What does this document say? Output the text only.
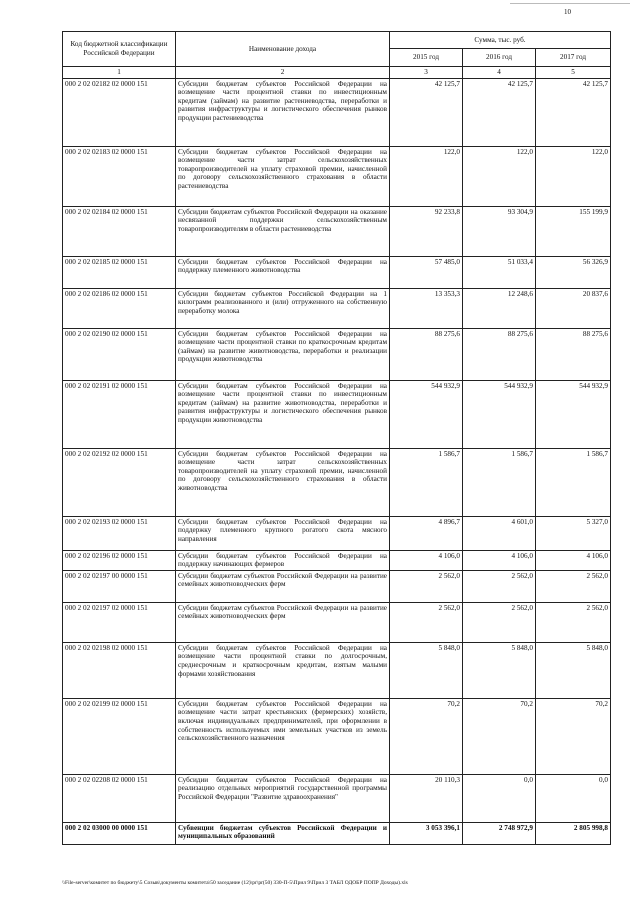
10
Код бюджетной классификации Российской Федерации	Наименование дохода	Сумма, тыс. руб.		
		2015 год	2016 год	2017 год
1	2	3	4	5
000 2 02 02182 02 0000 151	Субсидии бюджетам субъектов Российской Федерации на возмещение части процентной ставки по инвестиционным кредитам (займам) на развитие растениеводства, переработки и развития инфраструктуры и логистического обеспечения рынков продукции растениеводства	42 125,7	42 125,7	42 125,7
000 2 02 02183 02 0000 151	Субсидии бюджетам субъектов Российской Федерации на возмещение части затрат сельскохозяйственных товаропроизводителей на уплату страховой премии, начисленной по договору сельскохозяйственного страхования в области растениеводства	122,0	122,0	122,0
000 2 02 02184 02 0000 151	Субсидии бюджетам субъектов Российской Федерации на оказание несвязанной поддержки сельскохозяйственным товаропроизводителям в области растениеводства	92 233,8	93 304,9	155 199,9
000 2 02 02185 02 0000 151	Субсидии бюджетам субъектов Российской Федерации на поддержку племенного животноводства	57 485,0	51 033,4	56 326,9
000 2 02 02186 02 0000 151	Субсидии бюджетам субъектов Российской Федерации на 1 килограмм реализованного и (или) отгруженного на собственную переработку молока	13 353,3	12 248,6	20 837,6
000 2 02 02190 02 0000 151	Субсидии бюджетам субъектов Российской Федерации на возмещение части процентной ставки по краткосрочным кредитам (займам) на развитие животноводства, переработки и реализации продукции животноводства	88 275,6	88 275,6	88 275,6
000 2 02 02191 02 0000 151	Субсидии бюджетам субъектов Российской Федерации на возмещение части процентной ставки по инвестиционным кредитам (займам) на развитие животноводства, переработки и развития инфраструктуры и логистического обеспечения рынков продукции животноводства	544 932,9	544 932,9	544 932,9
000 2 02 02192 02 0000 151	Субсидии бюджетам субъектов Российской Федерации на возмещение части затрат сельскохозяйственных товаропроизводителей на уплату страховой премии, начисленной по договору сельскохозяйственного страхования в области животноводства	1 586,7	1 586,7	1 586,7
000 2 02 02193 02 0000 151	Субсидии бюджетам субъектов Российской Федерации на поддержку племенного крупного рогатого скота мясного направления	4 896,7	4 601,0	5 327,0
000 2 02 02196 02 0000 151	Субсидии бюджетам субъектов Российской Федерации на поддержку начинающих фермеров	4 106,0	4 106,0	4 106,0
000 2 02 02197 00 0000 151	Субсидии бюджетам субъектов Российской Федерации на развитие семейных животноводческих ферм	2 562,0	2 562,0	2 562,0
000 2 02 02197 02 0000 151	Субсидии бюджетам субъектов Российской Федерации на развитие семейных животноводческих ферм	2 562,0	2 562,0	2 562,0
000 2 02 02198 02 0000 151	Субсидии бюджетам субъектов Российской Федерации на возмещение части процентной ставки по долгосрочным, среднесрочным и краткосрочным кредитам, взятым малыми формами хозяйствования	5 848,0	5 848,0	5 848,0
000 2 02 02199 02 0000 151	Субсидии бюджетам субъектов Российской Федерации на возмещение части затрат крестьянских (фермерских) хозяйств, включая индивидуальных предпринимателей, при оформлении в собственность используемых ими земельных участков из земель сельскохозяйственного назначения	70,2	70,2	70,2
000 2 02 02208 02 0000 151	Субсидии бюджетам субъектов Российской Федерации на реализацию отдельных мероприятий государственной программы Российской Федерации "Развитие здравоохранения"	20 110,3	0,0	0,0
000 2 02 03000 00 0000 151	Субвенции бюджетам субъектов Российской Федерации и муниципальных образований	3 053 396,1	2 748 972,9	2 805 998,8
\\File-server\комитет по бюджету\5 Созыв\документы комитета\50 заседание (12)\pr\pr(50) 330-П-5\Прил 9\Прил 3 ТАБЛ ОДОБР ПОПР Доходы).xls
